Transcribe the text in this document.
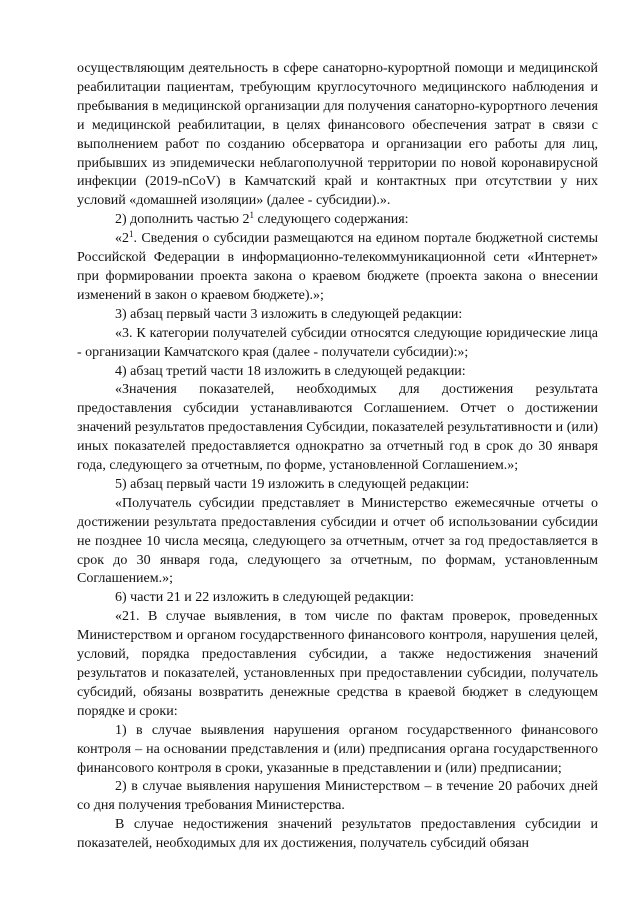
осуществляющим деятельность в сфере санаторно-курортной помощи и медицинской реабилитации пациентам, требующим круглосуточного медицинского наблюдения и пребывания в медицинской организации для получения санаторно-курортного лечения и медицинской реабилитации, в целях финансового обеспечения затрат в связи с выполнением работ по созданию обсерватора и организации его работы для лиц, прибывших из эпидемически неблагополучной территории по новой коронавирусной инфекции (2019-nCoV) в Камчатский край и контактных при отсутствии у них условий «домашней изоляции» (далее - субсидии).».

2) дополнить частью $2^1$ следующего содержания:

«$2^1$. Сведения о субсидии размещаются на едином портале бюджетной системы Российской Федерации в информационно-телекоммуникационной сети «Интернет» при формировании проекта закона о краевом бюджете (проекта закона о внесении изменений в закон о краевом бюджете).»;

3) абзац первый части 3 изложить в следующей редакции:

«3. К категории получателей субсидии относятся следующие юридические лица - организации Камчатского края (далее - получатели субсидии):»;

4) абзац третий части 18 изложить в следующей редакции:

«Значения показателей, необходимых для достижения результата предоставления субсидии устанавливаются Соглашением. Отчет о достижении значений результатов предоставления Субсидии, показателей результативности и (или) иных показателей предоставляется однократно за отчетный год в срок до 30 января года, следующего за отчетным, по форме, установленной Соглашением.»;

5) абзац первый части 19 изложить в следующей редакции:

«Получатель субсидии представляет в Министерство ежемесячные отчеты о достижении результата предоставления субсидии и отчет об использовании субсидии не позднее 10 числа месяца, следующего за отчетным, отчет за год предоставляется в срок до 30 января года, следующего за отчетным, по формам, установленным Соглашением.»;

6) части 21 и 22 изложить в следующей редакции:

«21. В случае выявления, в том числе по фактам проверок, проведенных Министерством и органом государственного финансового контроля, нарушения целей, условий, порядка предоставления субсидии, а также недостижения значений результатов и показателей, установленных при предоставлении субсидии, получатель субсидий, обязаны возвратить денежные средства в краевой бюджет в следующем порядке и сроки:

1) в случае выявления нарушения органом государственного финансового контроля – на основании представления и (или) предписания органа государственного финансового контроля в сроки, указанные в представлении и (или) предписании;

2) в случае выявления нарушения Министерством – в течение 20 рабочих дней со дня получения требования Министерства.

В случае недостижения значений результатов предоставления субсидии и показателей, необходимых для их достижения, получатель субсидий обязан
